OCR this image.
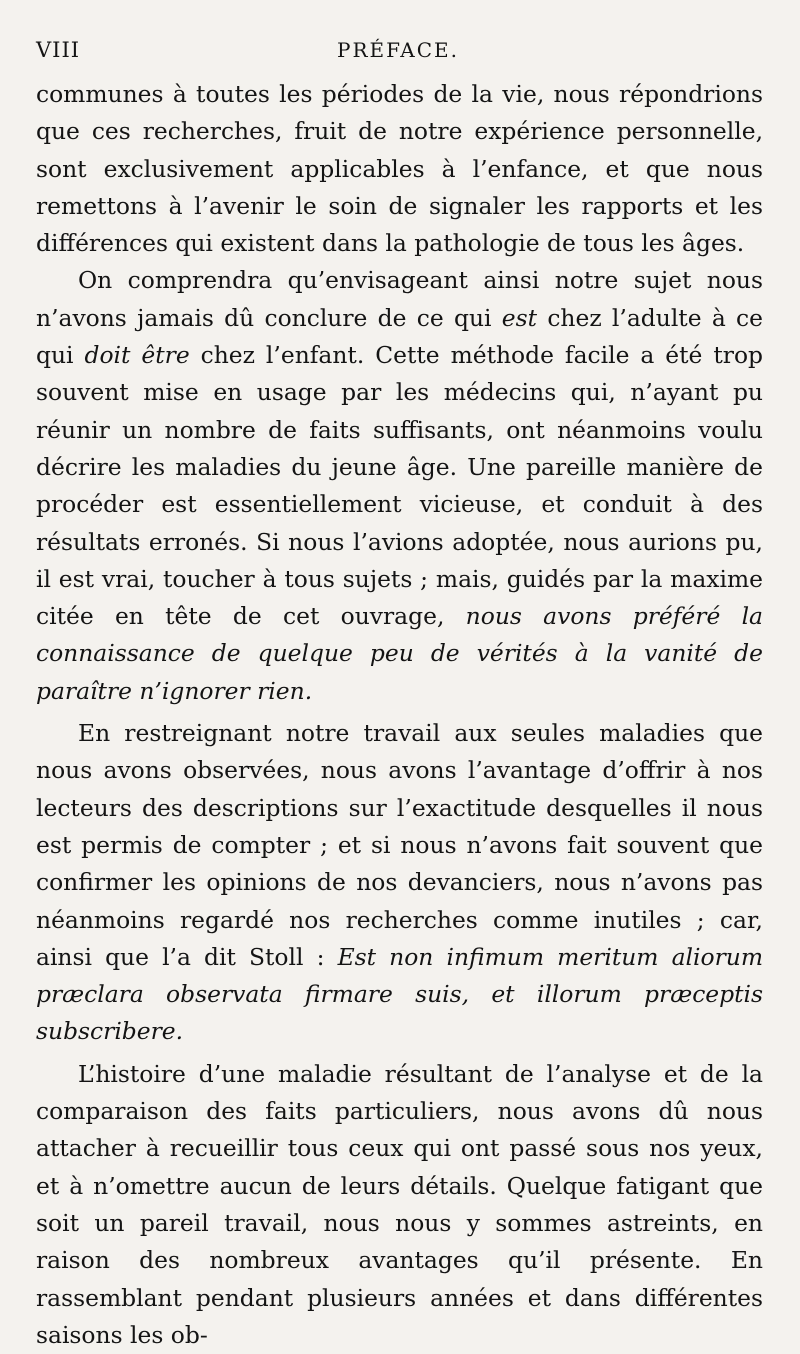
VIII	PRÉFACE.

communes à toutes les périodes de la vie, nous répondrions que ces recherches, fruit de notre expérience personnelle, sont exclusivement applicables à l’enfance, et que nous remettons à l’avenir le soin de signaler les rapports et les différences qui existent dans la pathologie de tous les âges.

On comprendra qu’envisageant ainsi notre sujet nous n’avons jamais dû conclure de ce qui est chez l’adulte à ce qui doit être chez l’enfant. Cette méthode facile a été trop souvent mise en usage par les médecins qui, n’ayant pu réunir un nombre de faits suffisants, ont néanmoins voulu décrire les maladies du jeune âge. Une pareille manière de procéder est essentiellement vicieuse, et conduit à des résultats erronés. Si nous l’avions adoptée, nous aurions pu, il est vrai, toucher à tous sujets ; mais, guidés par la maxime citée en tête de cet ouvrage, nous avons préféré la connaissance de quelque peu de vérités à la vanité de paraître n’ignorer rien.

En restreignant notre travail aux seules maladies que nous avons observées, nous avons l’avantage d’offrir à nos lecteurs des descriptions sur l’exactitude desquelles il nous est permis de compter ; et si nous n’avons fait souvent que confirmer les opinions de nos devanciers, nous n’avons pas néanmoins regardé nos recherches comme inutiles ; car, ainsi que l’a dit Stoll : Est non infimum meritum aliorum præclara observata firmare suis, et illorum præceptis subscribere.

L’histoire d’une maladie résultant de l’analyse et de la comparaison des faits particuliers, nous avons dû nous attacher à recueillir tous ceux qui ont passé sous nos yeux, et à n’omettre aucun de leurs détails. Quelque fatigant que soit un pareil travail, nous nous y sommes astreints, en raison des nombreux avantages qu’il présente. En rassemblant pendant plusieurs années et dans différentes saisons les ob-
